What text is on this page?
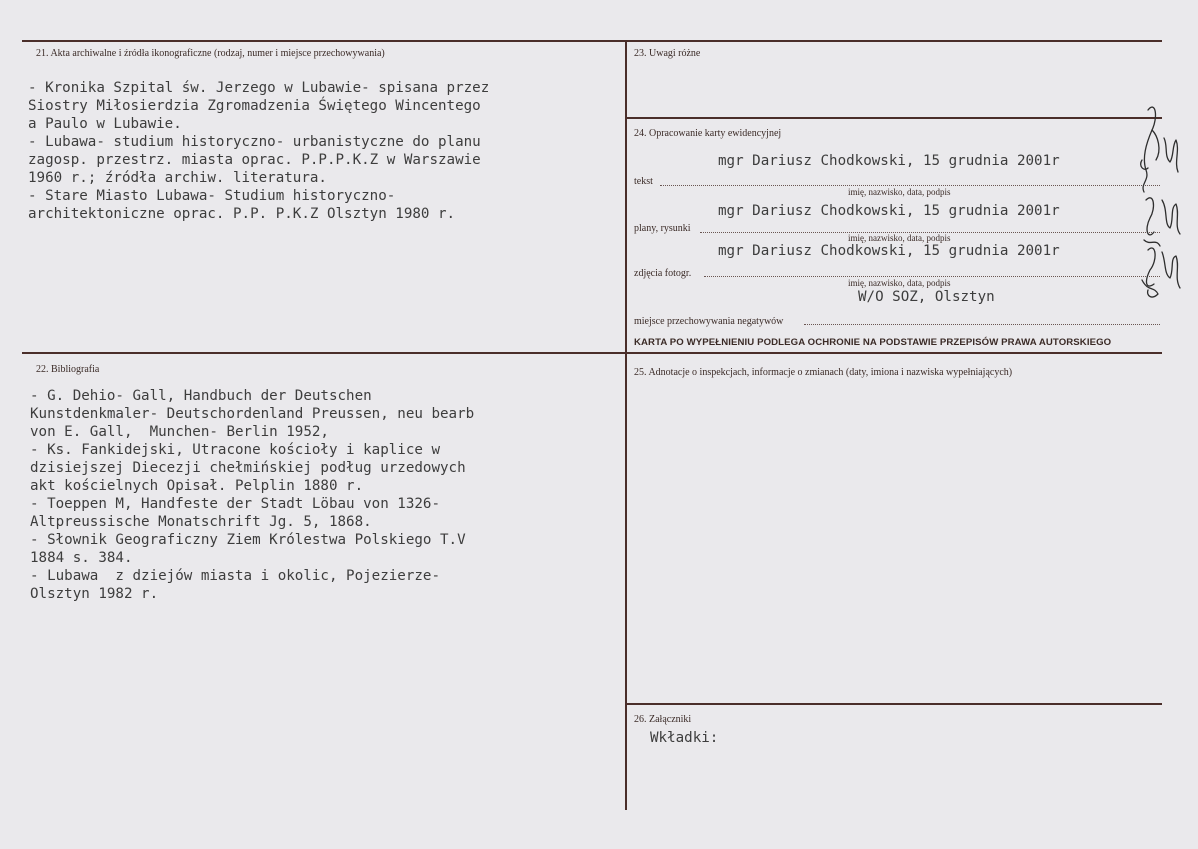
21. Akta archiwalne i źródła ikonograficzne (rodzaj, numer i miejsce przechowywania)
- Kronika Szpital św. Jerzego w Lubawie- spisana przez
Siostry Miłosierdzia Zgromadzenia Świętego Wincentego
a Paulo w Lubawie.
- Lubawa- studium historyczno- urbanistyczne do planu
zagosp. przestrz. miasta oprac. P.P.P.K.Z w Warszawie
1960 r.; źródła archiw. literatura.
- Stare Miasto Lubawa- Studium historyczno-
architektoniczne oprac. P.P. P.K.Z Olsztyn 1980 r.
22. Bibliografia
- G. Dehio- Gall, Handbuch der Deutschen
Kunstdenkmaler- Deutschordenland Preussen, neu bearb
von E. Gall,  Munchen- Berlin 1952,
- Ks. Fankidejski, Utracone kościoły i kaplice w
dzisiejszej Diecezji chełmińskiej podług urzedowych
akt kościelnych Opisał. Pelplin 1880 r.
- Toeppen M, Handfeste der Stadt Löbau von 1326-
Altpreussische Monatschrift Jg. 5, 1868.
- Słownik Geograficzny Ziem Królestwa Polskiego T.V
1884 s. 384.
- Lubawa  z dziejów miasta i okolic, Pojezierze-
Olsztyn 1982 r.
23. Uwagi różne
24. Opracowanie karty ewidencyjnej
mgr Dariusz Chodkowski, 15 grudnia 2001r
tekst
imię, nazwisko, data, podpis
mgr Dariusz Chodkowski, 15 grudnia 2001r
plany, rysunki
imię, nazwisko, data, podpis
mgr Dariusz Chodkowski, 15 grudnia 2001r
zdjęcia fotogr.
imię, nazwisko, data, podpis
W/O SOZ, Olsztyn
miejsce przechowywania negatywów
KARTA PO WYPEŁNIENIU PODLEGA OCHRONIE NA PODSTAWIE PRZEPISÓW PRAWA AUTORSKIEGO
25. Adnotacje o inspekcjach, informacje o zmianach (daty, imiona i nazwiska wypełniających)
26. Załączniki
Wkładki:
